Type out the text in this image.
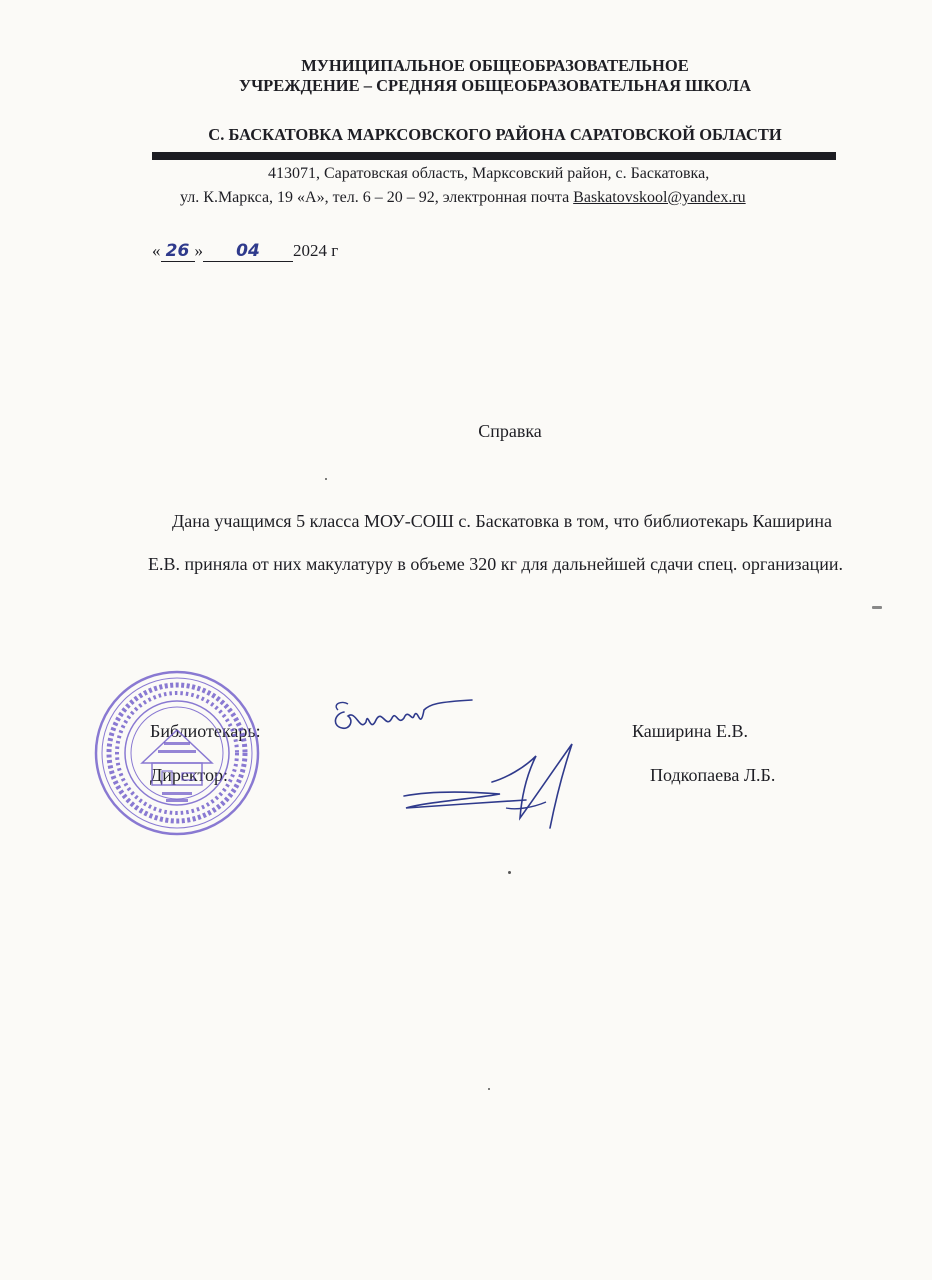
МУНИЦИПАЛЬНОЕ ОБЩЕОБРАЗОВАТЕЛЬНОЕ
УЧРЕЖДЕНИЕ – СРЕДНЯЯ ОБЩЕОБРАЗОВАТЕЛЬНАЯ ШКОЛА
С. БАСКАТОВКА МАРКСОВСКОГО РАЙОНА САРАТОВСКОЙ ОБЛАСТИ
413071, Саратовская область, Марксовский район, с. Баскатовка,
ул. К.Маркса, 19 «А», тел. 6 – 20 – 92, электронная почта Baskatovskool@yandex.ru
« 26 » 04 2024 г
Справка
Дана учащимся 5 класса МОУ-СОШ с. Баскатовка в том, что библиотекарь Каширина Е.В. приняла от них макулатуру в объеме 320 кг для дальнейшей сдачи спец. организации.
Библиотекарь:	Каширина Е.В.
Директор:	Подкопаева Л.Б.
